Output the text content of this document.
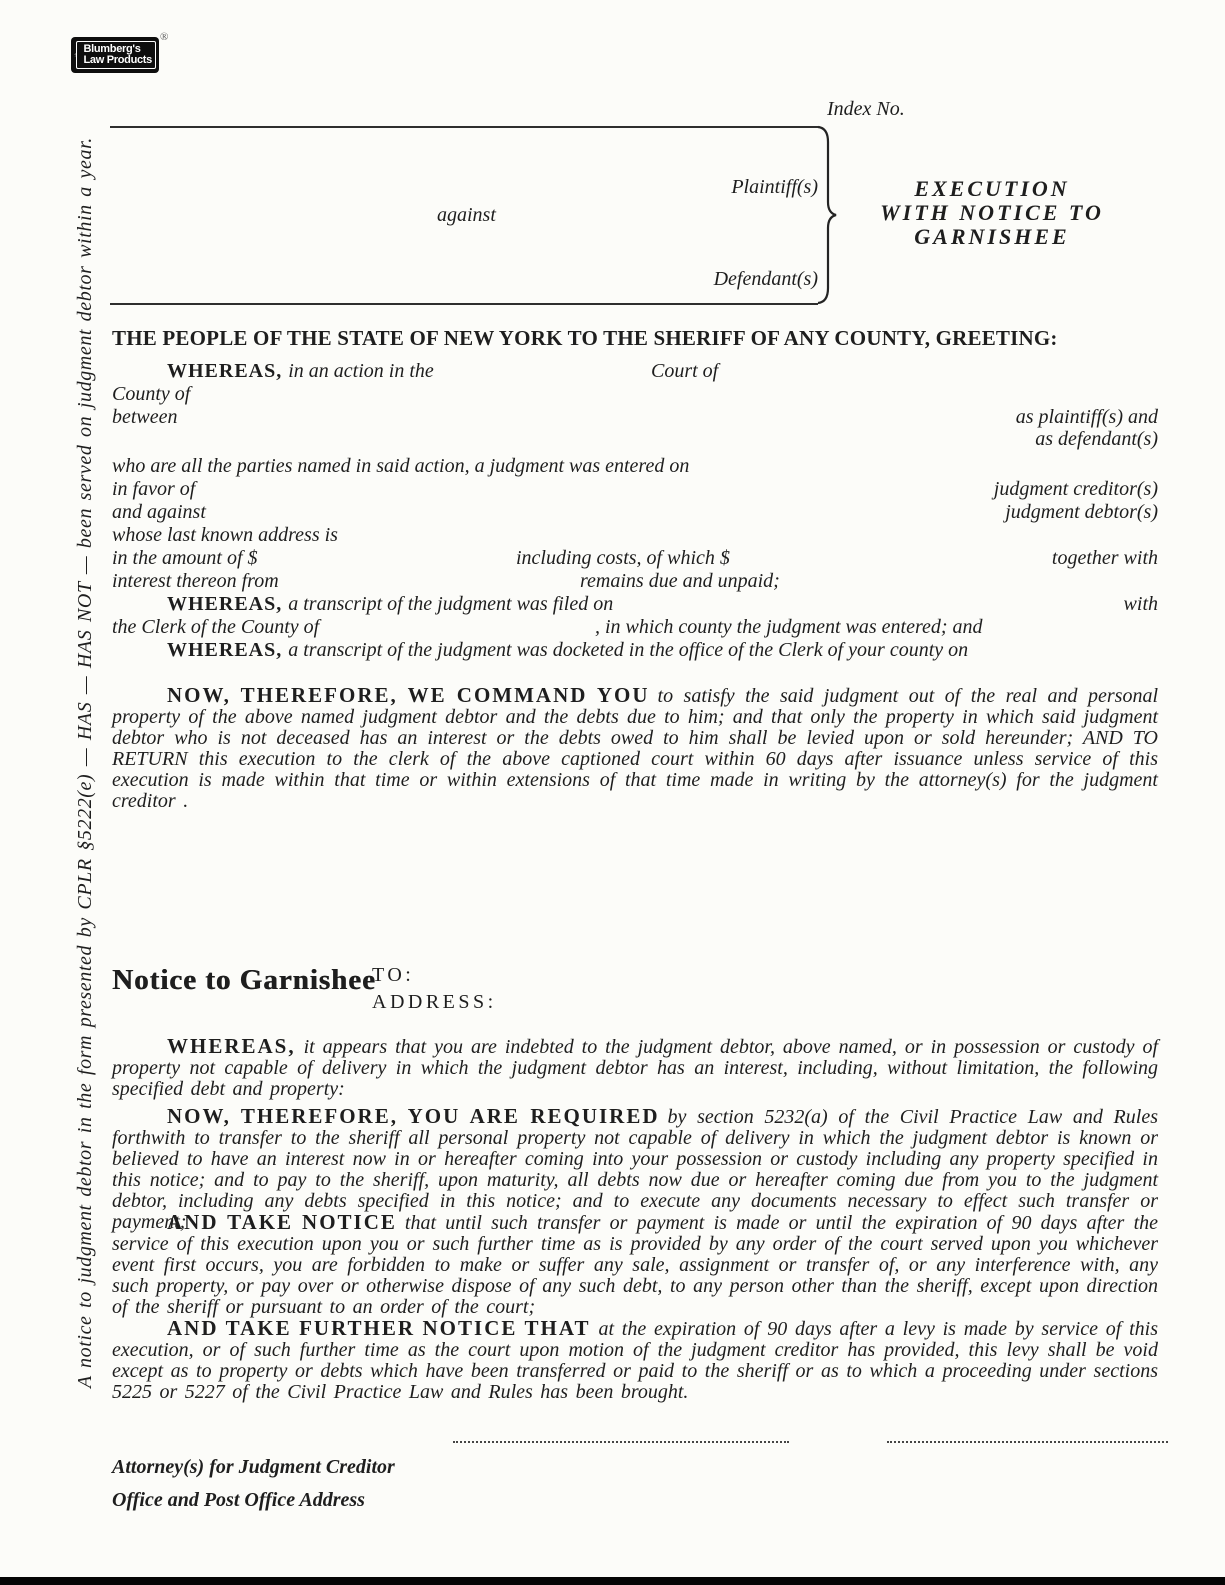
Blumberg's
Law Products
®
A notice to judgment debtor in the form presented by CPLR §5222(e) — HAS — HAS NOT — been served on judgment debtor within a year.
Index No.
Plaintiff(s)
against
Defendant(s)
EXECUTION
WITH NOTICE TO
GARNISHEE
THE PEOPLE OF THE STATE OF NEW YORK TO THE SHERIFF OF ANY COUNTY, GREETING:
WHEREAS, in an action in the	Court of
County of
between	as plaintiff(s) and
as defendant(s)
who are all the parties named in said action, a judgment was entered on
in favor of	judgment creditor(s)
and against	judgment debtor(s)
whose last known address is
in the amount of $	including costs, of which $	together with
interest thereon from	remains due and unpaid;
WHEREAS, a transcript of the judgment was filed on	with
the Clerk of the County of	, in which county the judgment was entered; and
WHEREAS, a transcript of the judgment was docketed in the office of the Clerk of your county on

NOW, THEREFORE, WE COMMAND YOU to satisfy the said judgment out of the real and personal property of the above named judgment debtor and the debts due to him; and that only the property in which said judgment debtor who is not deceased has an interest or the debts owed to him shall be levied upon or sold hereunder; AND TO RETURN this execution to the clerk of the above captioned court within 60 days after issuance unless service of this execution is made within that time or within extensions of that time made in writing by the attorney(s) for the judgment creditor .

Notice to Garnishee
TO:
ADDRESS:

WHEREAS, it appears that you are indebted to the judgment debtor, above named, or in possession or custody of property not capable of delivery in which the judgment debtor has an interest, including, without limitation, the following specified debt and property:

NOW, THEREFORE, YOU ARE REQUIRED by section 5232(a) of the Civil Practice Law and Rules forthwith to transfer to the sheriff all personal property not capable of delivery in which the judgment debtor is known or believed to have an interest now in or hereafter coming into your possession or custody including any property specified in this notice; and to pay to the sheriff, upon maturity, all debts now due or hereafter coming due from you to the judgment debtor, including any debts specified in this notice; and to execute any documents necessary to effect such transfer or payment;

AND TAKE NOTICE that until such transfer or payment is made or until the expiration of 90 days after the service of this execution upon you or such further time as is provided by any order of the court served upon you whichever event first occurs, you are forbidden to make or suffer any sale, assignment or transfer of, or any interference with, any such property, or pay over or otherwise dispose of any such debt, to any person other than the sheriff, except upon direction of the sheriff or pursuant to an order of the court;

AND TAKE FURTHER NOTICE THAT at the expiration of 90 days after a levy is made by service of this execution, or of such further time as the court upon motion of the judgment creditor has provided, this levy shall be void except as to property or debts which have been transferred or paid to the sheriff or as to which a proceeding under sections 5225 or 5227 of the Civil Practice Law and Rules has been brought.

Attorney(s) for Judgment Creditor
Office and Post Office Address
